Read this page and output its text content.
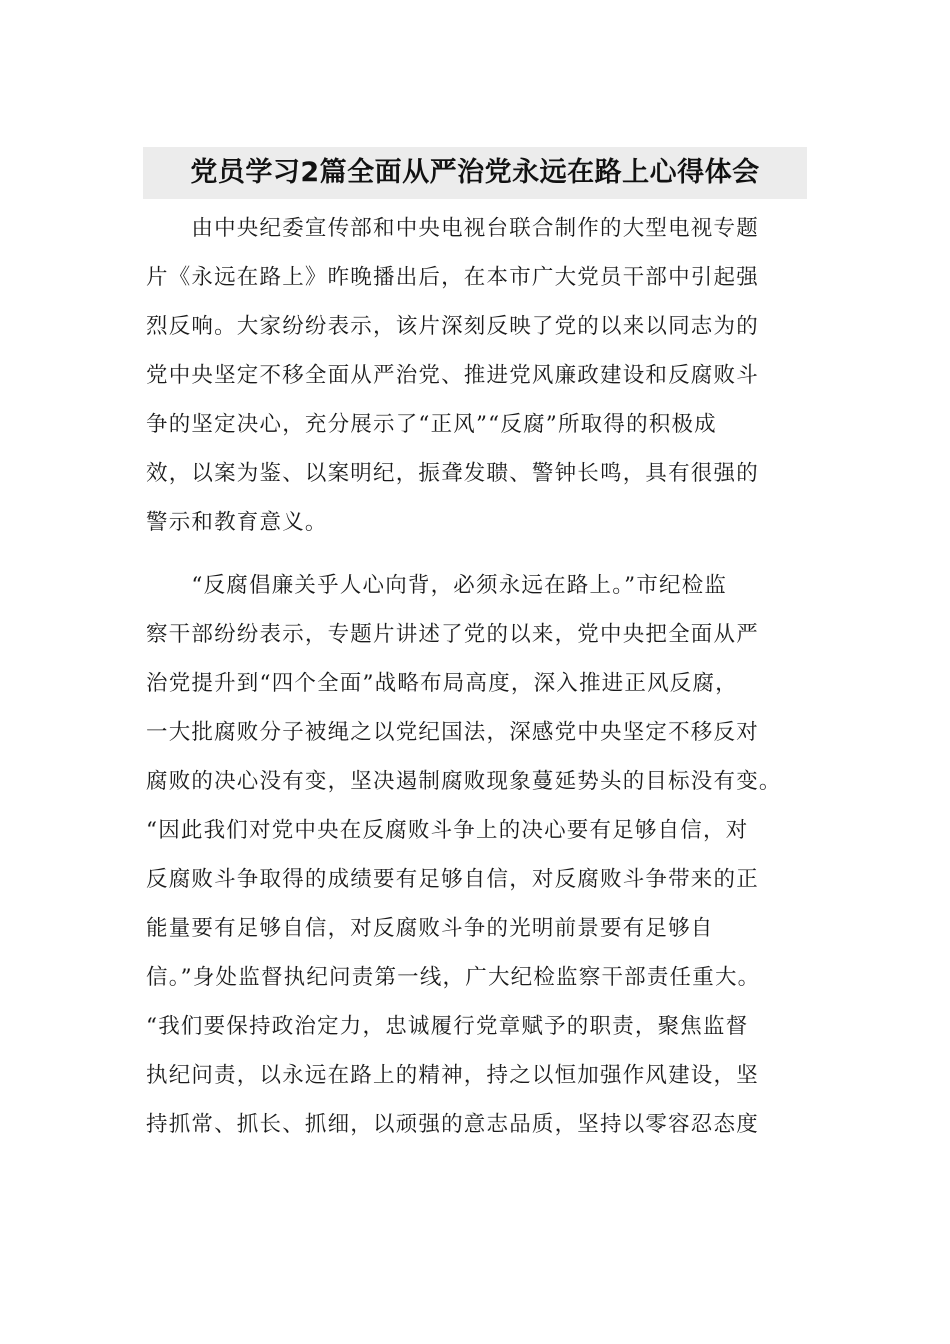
党员学习2篇全面从严治党永远在路上心得体会
　　由中央纪委宣传部和中央电视台联合制作的大型电视专题
片《永远在路上》昨晚播出后，在本市广大党员干部中引起强
烈反响。大家纷纷表示，该片深刻反映了党的以来以同志为的
党中央坚定不移全面从严治党、推进党风廉政建设和反腐败斗
争的坚定决心，充分展示了“正风”“反腐”所取得的积极成
效，以案为鉴、以案明纪，振聋发聩、警钟长鸣，具有很强的
警示和教育意义。
　　“反腐倡廉关乎人心向背，必须永远在路上。”市纪检监
察干部纷纷表示，专题片讲述了党的以来，党中央把全面从严
治党提升到“四个全面”战略布局高度，深入推进正风反腐，
一大批腐败分子被绳之以党纪国法，深感党中央坚定不移反对
腐败的决心没有变，坚决遏制腐败现象蔓延势头的目标没有变。
“因此我们对党中央在反腐败斗争上的决心要有足够自信，对
反腐败斗争取得的成绩要有足够自信，对反腐败斗争带来的正
能量要有足够自信，对反腐败斗争的光明前景要有足够自
信。”身处监督执纪问责第一线，广大纪检监察干部责任重大。
“我们要保持政治定力，忠诚履行党章赋予的职责，聚焦监督
执纪问责，以永远在路上的精神，持之以恒加强作风建设，坚
持抓常、抓长、抓细，以顽强的意志品质，坚持以零容忍态度
